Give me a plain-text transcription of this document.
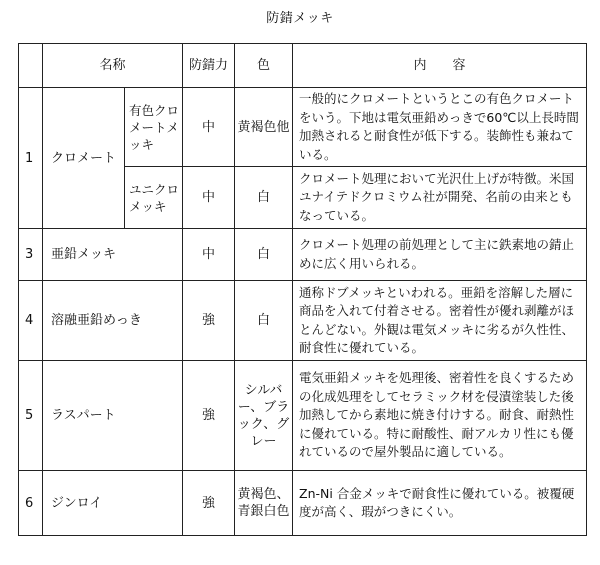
防錆メッキ
	名称		防錆力	色	内　　容
1	クロメート	有色クロメートメッキ	中	黄褐色他	一般的にクロメートというとこの有色クロメートをいう。下地は電気亜鉛めっきで60℃以上長時間加熱されると耐食性が低下する。装飾性も兼ねている。
		ユニクロメッキ	中	白	クロメート処理において光沢仕上げが特徴。米国 ユナイテドクロミウム社が開発、名前の由来ともなっている。
3	亜鉛メッキ		中	白	クロメート処理の前処理として主に鉄素地の錆止めに広く用いられる。
4	溶融亜鉛めっき		強	白	通称ドブメッキといわれる。亜鉛を溶解した層に商品を入れて付着させる。密着性が優れ剥離がほとんどない。外観は電気メッキに劣るが久性性、耐食性に優れている。
5	ラスパート		強	シルバー、ブラック、グレー	電気亜鉛メッキを処理後、密着性を良くするための化成処理をしてセラミック材を侵漬塗装した後加熱してから素地に焼き付けする。耐食、耐熱性に優れている。特に耐酸性、耐アルカリ性にも優れているので屋外製品に適している。
6	ジンロイ		強	黄褐色、青銀白色	Zn-Ni 合金メッキで耐食性に優れている。被覆硬度が高く、瑕がつきにくい。
